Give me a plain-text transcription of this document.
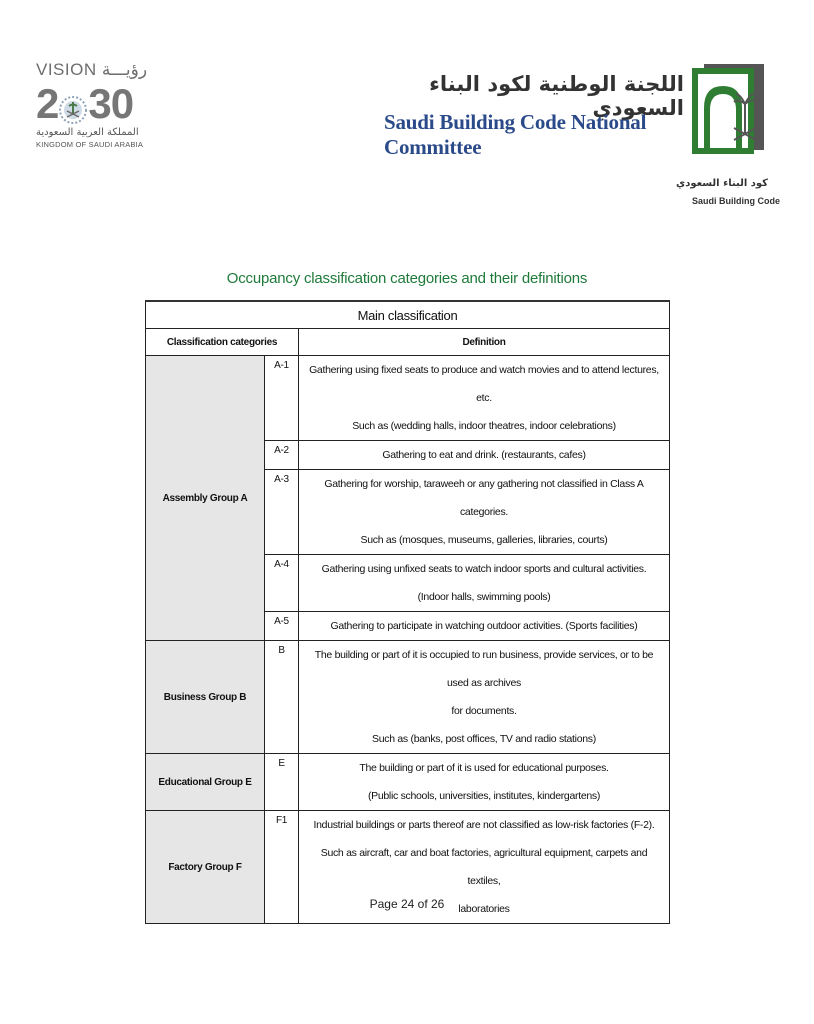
VISION رؤيـــة
2 30
المملكة العربية السعودية
KINGDOM OF SAUDI ARABIA
اللجنة الوطنية لكود البناء السعودي
Saudi Building Code National Committee
كود البناء السعودي
Saudi Building Code
Occupancy classification categories and their definitions
Main classification		
Classification categories		Definition
Assembly Group A	A-1	Gathering using fixed seats to produce and watch movies and to attend lectures, etc.
Such as (wedding halls, indoor theatres, indoor celebrations)

	A-2	Gathering to eat and drink. (restaurants, cafes)

	A-3	Gathering for worship, taraweeh or any gathering not classified in Class A categories.
Such as (mosques, museums, galleries, libraries, courts)

	A-4	Gathering using unfixed seats to watch indoor sports and cultural activities.
(Indoor halls, swimming pools)

	A-5	Gathering to participate in watching outdoor activities. (Sports facilities)

Business Group B	B	The building or part of it is occupied to run business, provide services, or to be used as archives
for documents.
Such as (banks, post offices, TV and radio stations)

Educational Group E	E	The building or part of it is used for educational purposes.
(Public schools, universities, institutes, kindergartens)

Factory Group F	F1	Industrial buildings or parts thereof are not classified as low-risk factories (F-2).
Such as aircraft, car and boat factories, agricultural equipment, carpets and textiles,
laboratories
Page 24 of 26
